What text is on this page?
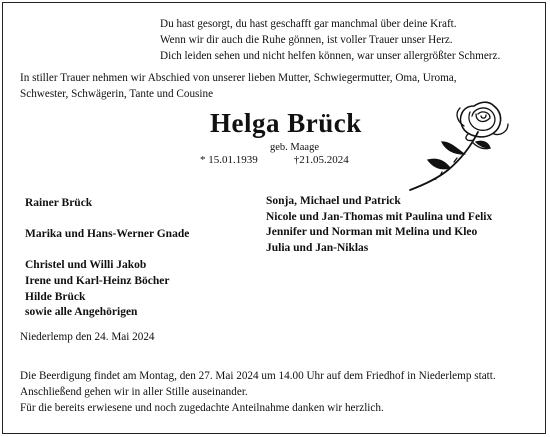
Du hast gesorgt, du hast geschafft gar manchmal über deine Kraft.
Wenn wir dir auch die Ruhe gönnen, ist voller Trauer unser Herz.
Dich leiden sehen und nicht helfen können, war unser allergrößter Schmerz.
In stiller Trauer nehmen wir Abschied von unserer lieben Mutter, Schwiegermutter, Oma, Uroma,
Schwester, Schwägerin, Tante und Cousine
Helga Brück
geb. Maage
* 15.01.1939	†21.05.2024
Rainer Brück
Marika und Hans-Werner Gnade
Christel und Willi Jakob
Irene und Karl-Heinz Böcher
Hilde Brück
sowie alle Angehörigen
Sonja, Michael und Patrick
Nicole und Jan-Thomas mit Paulina und Felix
Jennifer und Norman mit Melina und Kleo
Julia und Jan-Niklas
Niederlemp den 24. Mai 2024
Die Beerdigung findet am Montag, den 27. Mai 2024 um 14.00 Uhr auf dem Friedhof in Niederlemp statt.
Anschließend gehen wir in aller Stille auseinander.
Für die bereits erwiesene und noch zugedachte Anteilnahme danken wir herzlich.
